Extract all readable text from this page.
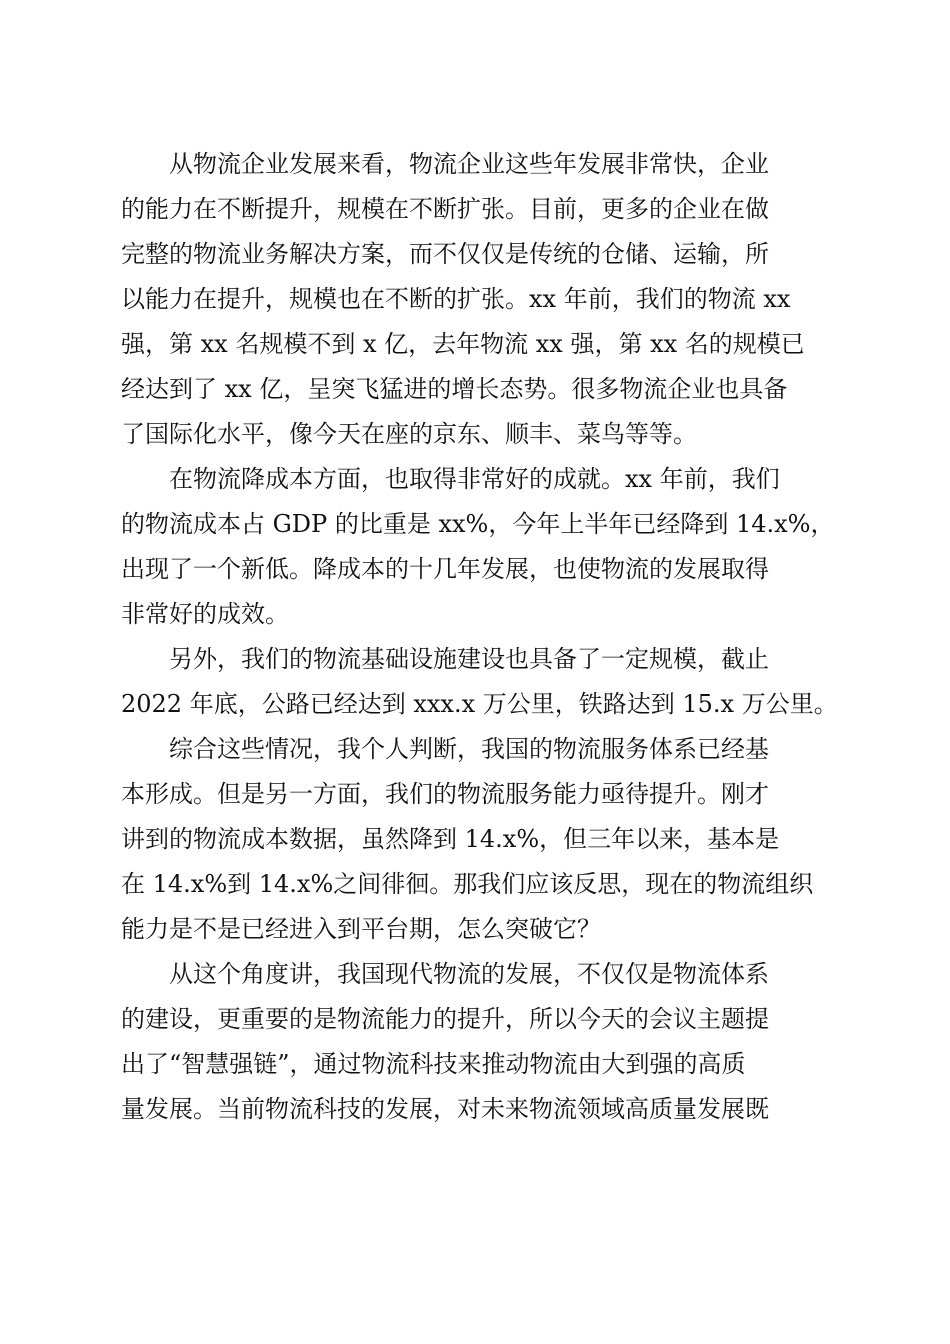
从物流企业发展来看，物流企业这些年发展非常快，企业
的能力在不断提升，规模在不断扩张。目前，更多的企业在做
完整的物流业务解决方案，而不仅仅是传统的仓储、运输，所
以能力在提升，规模也在不断的扩张。xx 年前，我们的物流 xx
强，第 xx 名规模不到 x 亿，去年物流 xx 强，第 xx 名的规模已
经达到了 xx 亿，呈突飞猛进的增长态势。很多物流企业也具备
了国际化水平，像今天在座的京东、顺丰、菜鸟等等。
在物流降成本方面，也取得非常好的成就。xx 年前，我们
的物流成本占 GDP 的比重是 xx%，今年上半年已经降到 14.x%，
出现了一个新低。降成本的十几年发展，也使物流的发展取得
非常好的成效。
另外，我们的物流基础设施建设也具备了一定规模，截止
2022 年底，公路已经达到 xxx.x 万公里，铁路达到 15.x 万公里。
综合这些情况，我个人判断，我国的物流服务体系已经基
本形成。但是另一方面，我们的物流服务能力亟待提升。刚才
讲到的物流成本数据，虽然降到 14.x%，但三年以来，基本是
在 14.x%到 14.x%之间徘徊。那我们应该反思，现在的物流组织
能力是不是已经进入到平台期，怎么突破它？
从这个角度讲，我国现代物流的发展，不仅仅是物流体系
的建设，更重要的是物流能力的提升，所以今天的会议主题提
出了“智慧强链”，通过物流科技来推动物流由大到强的高质
量发展。当前物流科技的发展，对未来物流领域高质量发展既
